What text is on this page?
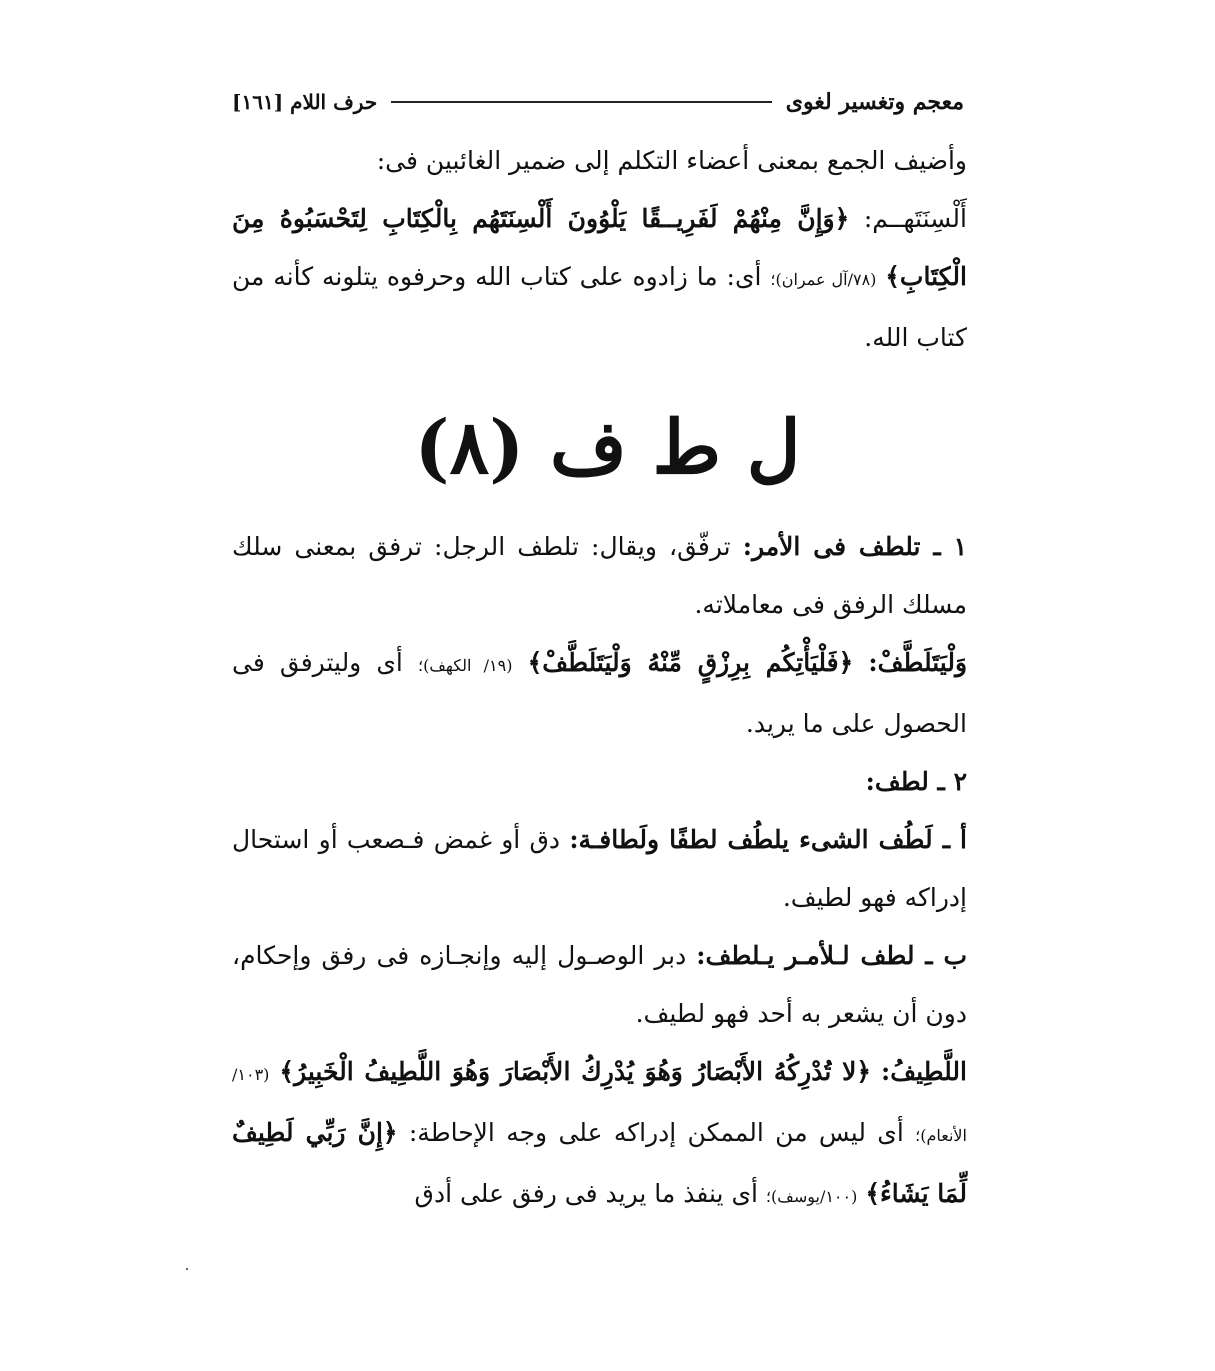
[١٦١] حرف اللام	معجم وتغسير لغوى
وأضيف الجمع بمعنى أعضاء التكلم إلى ضمير الغائبين فى:
أَلْسِنَتَهــم: ﴿وَإِنَّ مِنْهُمْ لَفَرِيــقًا يَلْوُونَ أَلْسِنَتَهُم بِالْكِتَابِ لِتَحْسَبُوهُ مِنَ الْكِتَابِ﴾ (٧٨/آل عمران)؛ أى: ما زادوه على كتاب الله وحرفوه يتلونه كأنه من كتاب الله.
ل ط ف (٨)
١ ـ تلطف فى الأمر: ترفّق، ويقال: تلطف الرجل: ترفق بمعنى سلك مسلك الرفق فى معاملاته.
وَلْيَتَلَطَّفْ: ﴿فَلْيَأْتِكُم بِرِزْقٍ مِّنْهُ وَلْيَتَلَطَّفْ﴾ (١٩/ الكهف)؛ أى وليترفق فى الحصول على ما يريد.
٢ ـ لطف:
أ ـ لَطُف الشىء يلطُف لطفًا ولَطافـة: دق أو غمض فـصعب أو استحال إدراكه فهو لطيف.
ب ـ لطف لـلأمـر يـلطف: دبر الوصـول إليه وإنجـازه فى رفق وإحكام، دون أن يشعر به أحد فهو لطيف.
اللَّطِيفُ: ﴿لا تُدْرِكُهُ الأَبْصَارُ وَهُوَ يُدْرِكُ الأَبْصَارَ وَهُوَ اللَّطِيفُ الْخَبِيرُ﴾ (١٠٣/الأنعام)؛ أى ليس من الممكن إدراكه على وجه الإحاطة: ﴿إِنَّ رَبِّي لَطِيفٌ لِّمَا يَشَاءُ﴾ (١٠٠/يوسف)؛ أى ينفذ ما يريد فى رفق على أدق
